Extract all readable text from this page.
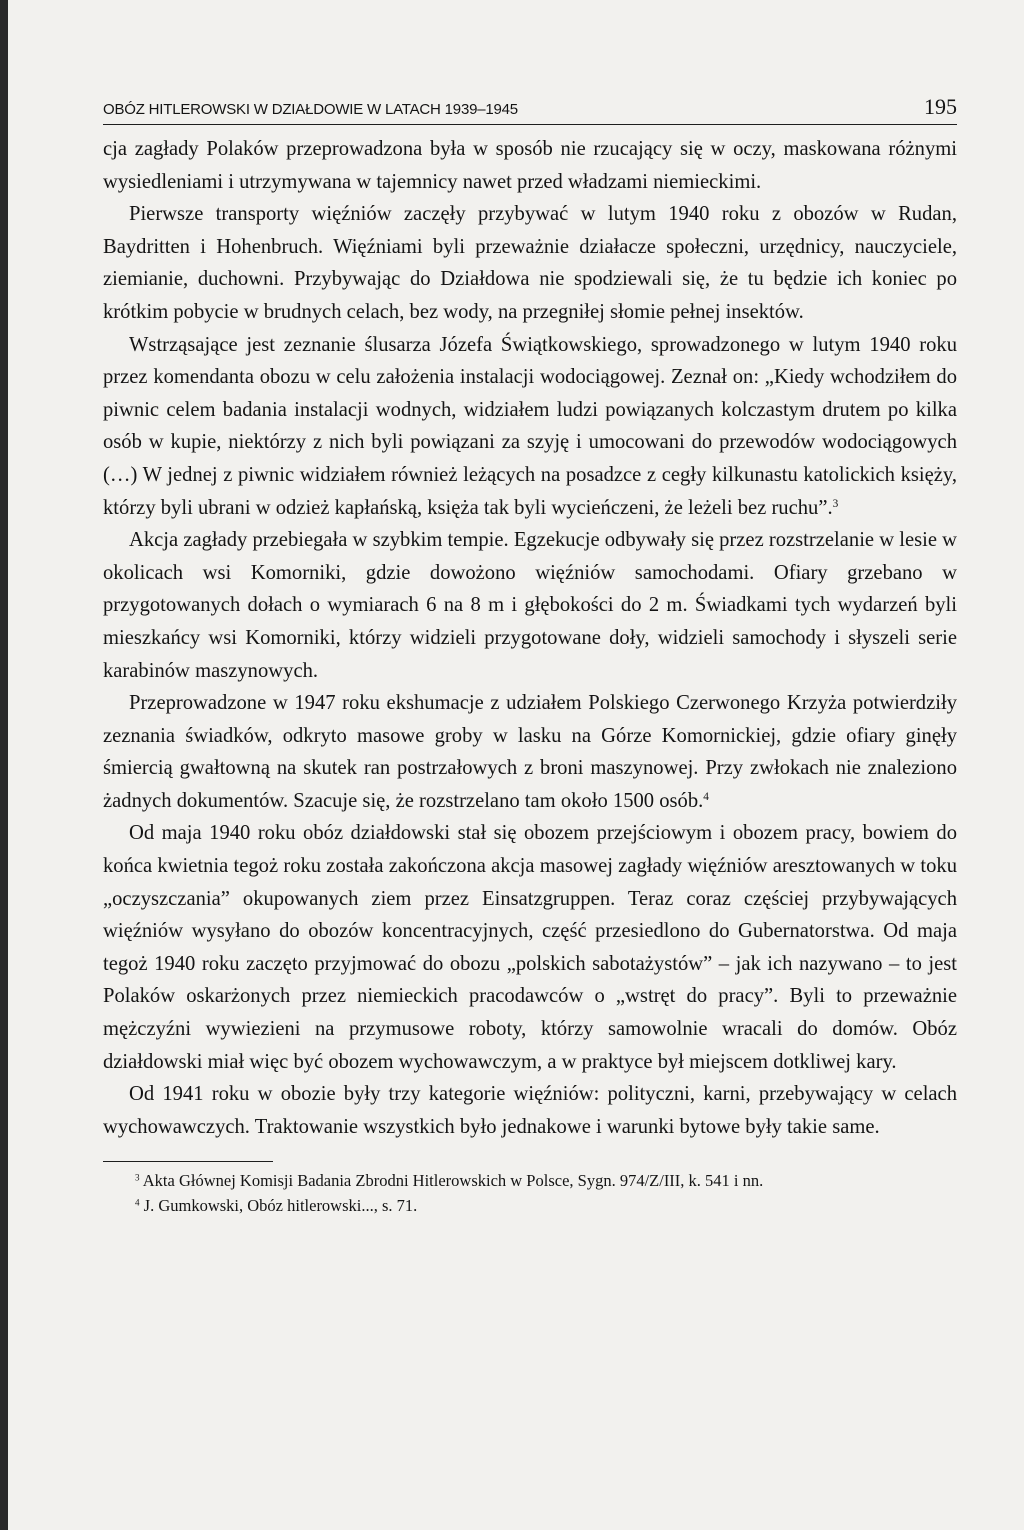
OBÓZ HITLEROWSKI W DZIAŁDOWIE W LATACH 1939–1945	195

cja zagłady Polaków przeprowadzona była w sposób nie rzucający się w oczy, maskowana różnymi wysiedleniami i utrzymywana w tajemnicy nawet przed władzami niemieckimi.

Pierwsze transporty więźniów zaczęły przybywać w lutym 1940 roku z obozów w Rudan, Baydritten i Hohenbruch. Więźniami byli przeważnie działacze społeczni, urzędnicy, nauczyciele, ziemianie, duchowni. Przybywając do Działdowa nie spodziewali się, że tu będzie ich koniec po krótkim pobycie w brudnych celach, bez wody, na przegniłej słomie pełnej insektów.

Wstrząsające jest zeznanie ślusarza Józefa Świątkowskiego, sprowadzonego w lutym 1940 roku przez komendanta obozu w celu założenia instalacji wodociągowej. Zeznał on: „Kiedy wchodziłem do piwnic celem badania instalacji wodnych, widziałem ludzi powiązanych kolczastym drutem po kilka osób w kupie, niektórzy z nich byli powiązani za szyję i umocowani do przewodów wodociągowych (…) W jednej z piwnic widziałem również leżących na posadzce z cegły kilkunastu katolickich księży, którzy byli ubrani w odzież kapłańską, księża tak byli wycieńczeni, że leżeli bez ruchu”.$^3$

Akcja zagłady przebiegała w szybkim tempie. Egzekucje odbywały się przez rozstrzelanie w lesie w okolicach wsi Komorniki, gdzie dowożono więźniów samochodami. Ofiary grzebano w przygotowanych dołach o wymiarach 6 na 8 m i głębokości do 2 m. Świadkami tych wydarzeń byli mieszkańcy wsi Komorniki, którzy widzieli przygotowane doły, widzieli samochody i słyszeli serie karabinów maszynowych.

Przeprowadzone w 1947 roku ekshumacje z udziałem Polskiego Czerwonego Krzyża potwierdziły zeznania świadków, odkryto masowe groby w lasku na Górze Komornickiej, gdzie ofiary ginęły śmiercią gwałtowną na skutek ran postrzałowych z broni maszynowej. Przy zwłokach nie znaleziono żadnych dokumentów. Szacuje się, że rozstrzelano tam około 1500 osób.$^4$

Od maja 1940 roku obóz działdowski stał się obozem przejściowym i obozem pracy, bowiem do końca kwietnia tegoż roku została zakończona akcja masowej zagłady więźniów aresztowanych w toku „oczyszczania” okupowanych ziem przez Einsatzgruppen. Teraz coraz częściej przybywających więźniów wysyłano do obozów koncentracyjnych, część przesiedlono do Gubernatorstwa. Od maja tegoż 1940 roku zaczęto przyjmować do obozu „polskich sabotażystów” – jak ich nazywano – to jest Polaków oskarżonych przez niemieckich pracodawców o „wstręt do pracy”. Byli to przeważnie mężczyźni wywiezieni na przymusowe roboty, którzy samowolnie wracali do domów. Obóz działdowski miał więc być obozem wychowawczym, a w praktyce był miejscem dotkliwej kary.

Od 1941 roku w obozie były trzy kategorie więźniów: polityczni, karni, przebywający w celach wychowawczych. Traktowanie wszystkich było jednakowe i warunki bytowe były takie same.

$^3$ Akta Głównej Komisji Badania Zbrodni Hitlerowskich w Polsce, Sygn. 974/Z/III, k. 541 i nn.

$^4$ J. Gumkowski, Obóz hitlerowski..., s. 71.
